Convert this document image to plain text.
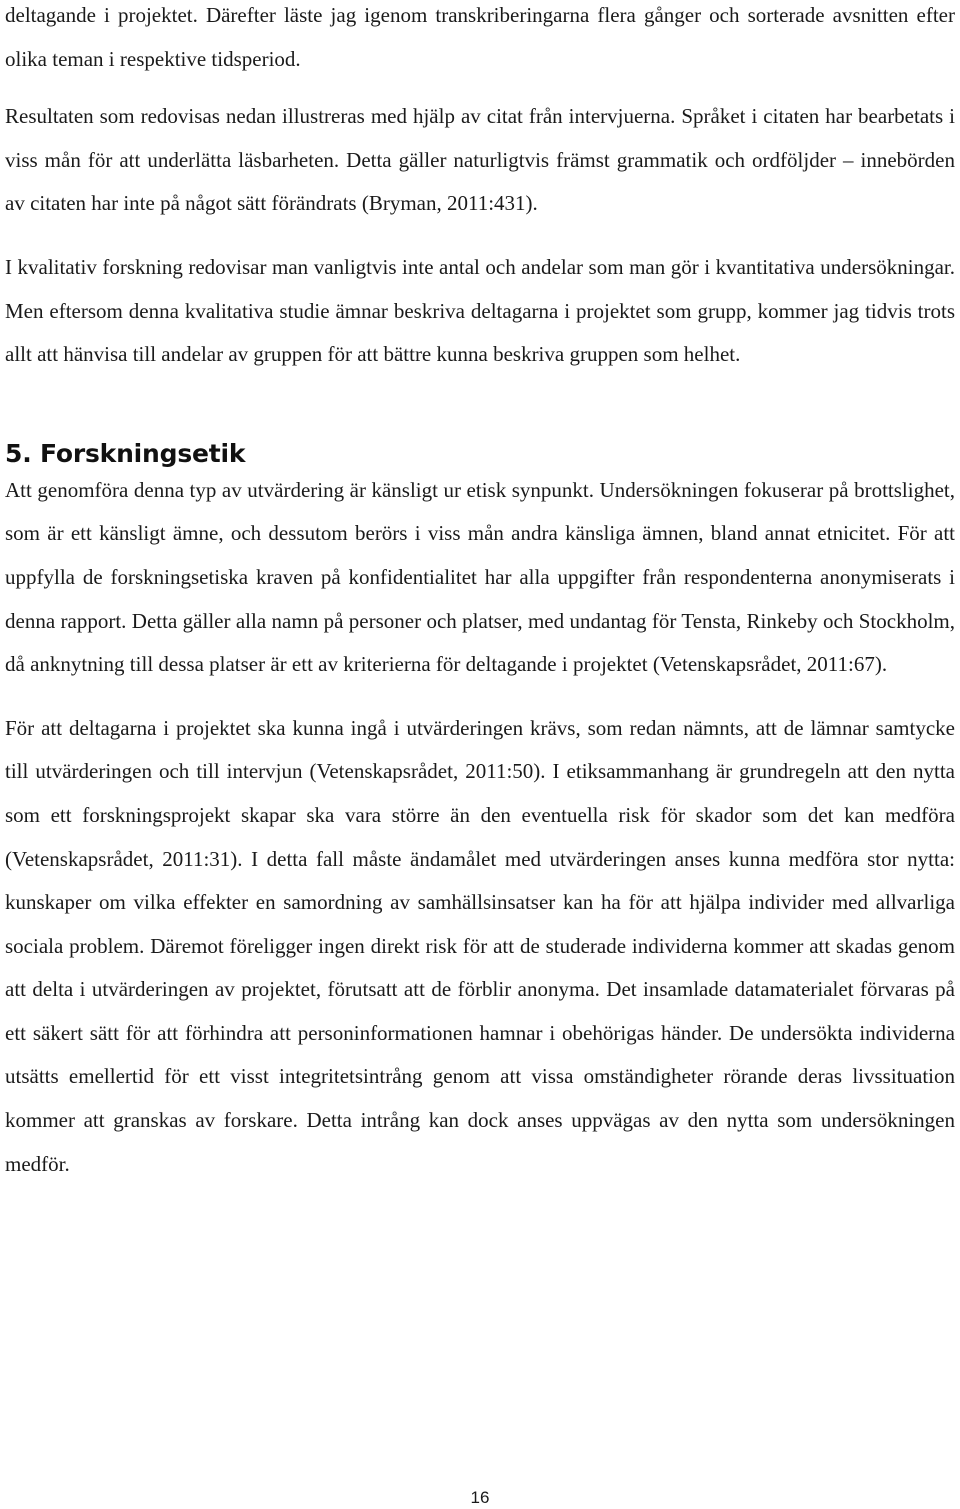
deltagande i projektet. Därefter läste jag igenom transkriberingarna flera gånger och sorterade avsnitten efter olika teman i respektive tidsperiod.

Resultaten som redovisas nedan illustreras med hjälp av citat från intervjuerna. Språket i citaten har bearbetats i viss mån för att underlätta läsbarheten. Detta gäller naturligtvis främst grammatik och ordföljder – innebörden av citaten har inte på något sätt förändrats (Bryman, 2011:431).

I kvalitativ forskning redovisar man vanligtvis inte antal och andelar som man gör i kvantitativa undersökningar. Men eftersom denna kvalitativa studie ämnar beskriva deltagarna i projektet som grupp, kommer jag tidvis trots allt att hänvisa till andelar av gruppen för att bättre kunna beskriva gruppen som helhet.

5. Forskningsetik

Att genomföra denna typ av utvärdering är känsligt ur etisk synpunkt. Undersökningen fokuserar på brottslighet, som är ett känsligt ämne, och dessutom berörs i viss mån andra känsliga ämnen, bland annat etnicitet. För att uppfylla de forskningsetiska kraven på konfidentialitet har alla uppgifter från respondenterna anonymiserats i denna rapport. Detta gäller alla namn på personer och platser, med undantag för Tensta, Rinkeby och Stockholm, då anknytning till dessa platser är ett av kriterierna för deltagande i projektet (Vetenskapsrådet, 2011:67).

För att deltagarna i projektet ska kunna ingå i utvärderingen krävs, som redan nämnts, att de lämnar samtycke till utvärderingen och till intervjun (Vetenskapsrådet, 2011:50). I etiksammanhang är grundregeln att den nytta som ett forskningsprojekt skapar ska vara större än den eventuella risk för skador som det kan medföra (Vetenskapsrådet, 2011:31). I detta fall måste ändamålet med utvärderingen anses kunna medföra stor nytta: kunskaper om vilka effekter en samordning av samhällsinsatser kan ha för att hjälpa individer med allvarliga sociala problem. Däremot föreligger ingen direkt risk för att de studerade individerna kommer att skadas genom att delta i utvärderingen av projektet, förutsatt att de förblir anonyma. Det insamlade datamaterialet förvaras på ett säkert sätt för att förhindra att personinformationen hamnar i obehörigas händer. De undersökta individerna utsätts emellertid för ett visst integritetsintrång genom att vissa omständigheter rörande deras livssituation kommer att granskas av forskare. Detta intrång kan dock anses uppvägas av den nytta som undersökningen medför.

16
